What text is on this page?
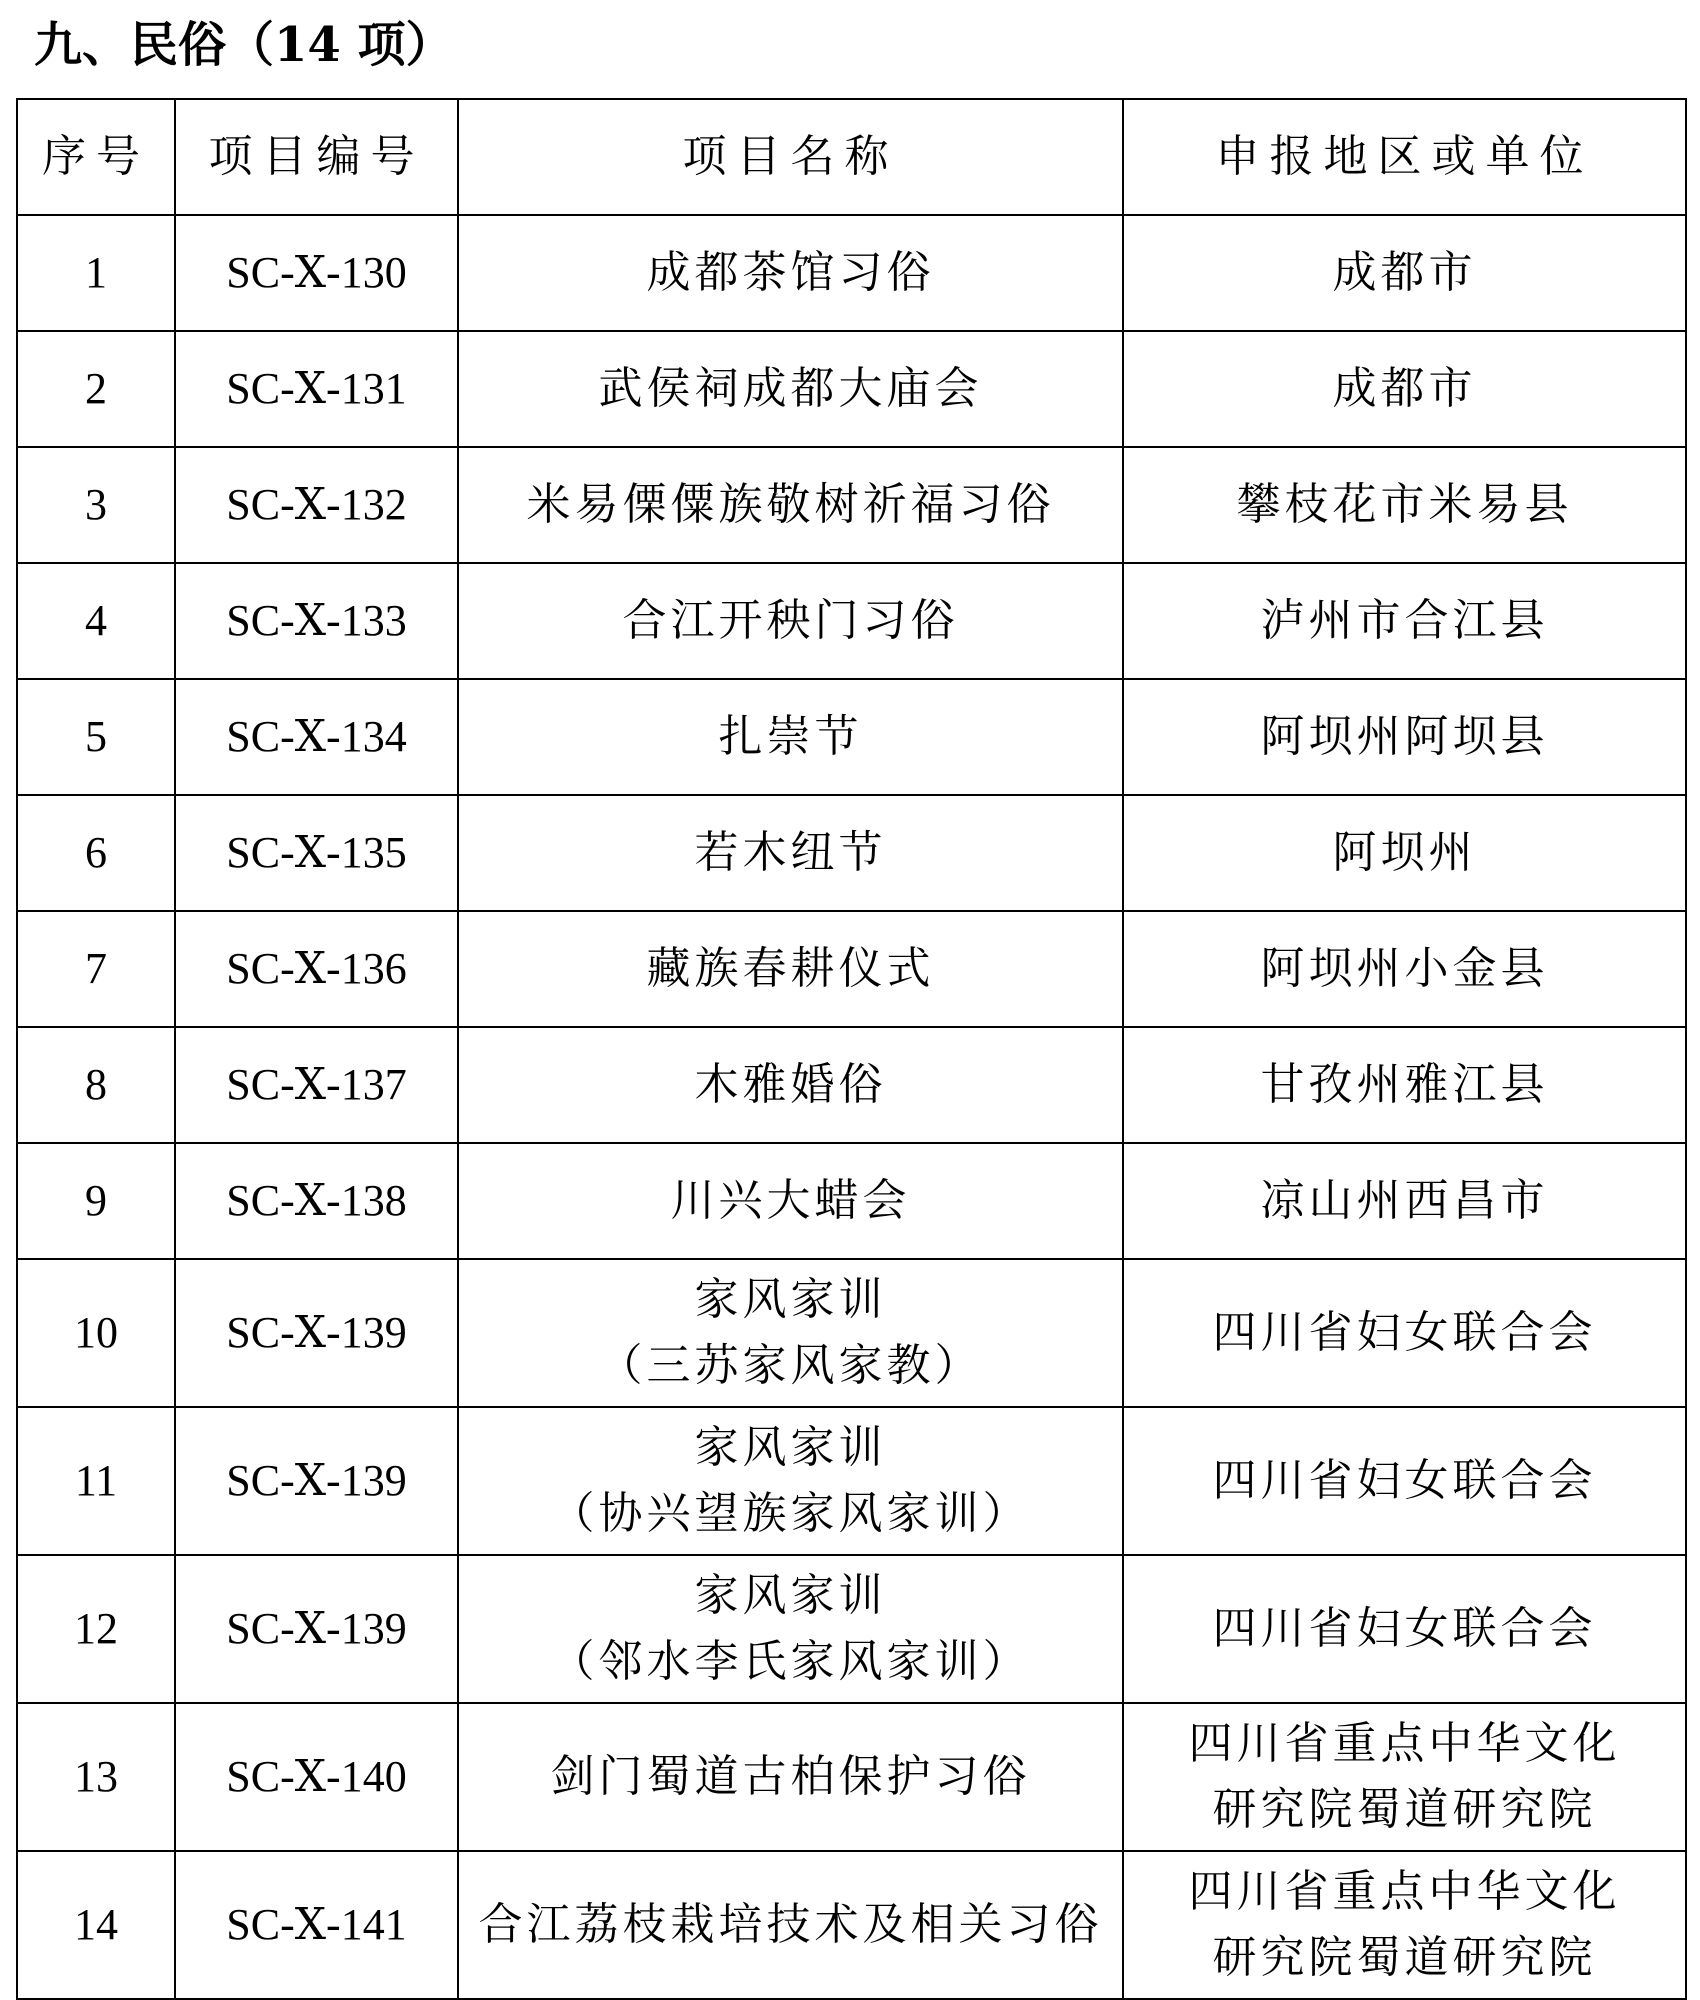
九、民俗（14 项）
序号	项目编号	项目名称	申报地区或单位
1	SC-Ⅹ-130	成都茶馆习俗	成都市

2	SC-Ⅹ-131	武侯祠成都大庙会	成都市

3	SC-Ⅹ-132	米易傈僳族敬树祈福习俗	攀枝花市米易县

4	SC-Ⅹ-133	合江开秧门习俗	泸州市合江县

5	SC-Ⅹ-134	扎崇节	阿坝州阿坝县

6	SC-Ⅹ-135	若木纽节	阿坝州

7	SC-Ⅹ-136	藏族春耕仪式	阿坝州小金县

8	SC-Ⅹ-137	木雅婚俗	甘孜州雅江县

9	SC-Ⅹ-138	川兴大蜡会	凉山州西昌市

10	SC-Ⅹ-139	家风家训
（三苏家风家教）	四川省妇女联合会

11	SC-Ⅹ-139	家风家训
（协兴望族家风家训）	四川省妇女联合会

12	SC-Ⅹ-139	家风家训
（邻水李氏家风家训）	四川省妇女联合会

13	SC-Ⅹ-140	剑门蜀道古柏保护习俗	四川省重点中华文化
研究院蜀道研究院

14	SC-Ⅹ-141	合江荔枝栽培技术及相关习俗	四川省重点中华文化
研究院蜀道研究院
